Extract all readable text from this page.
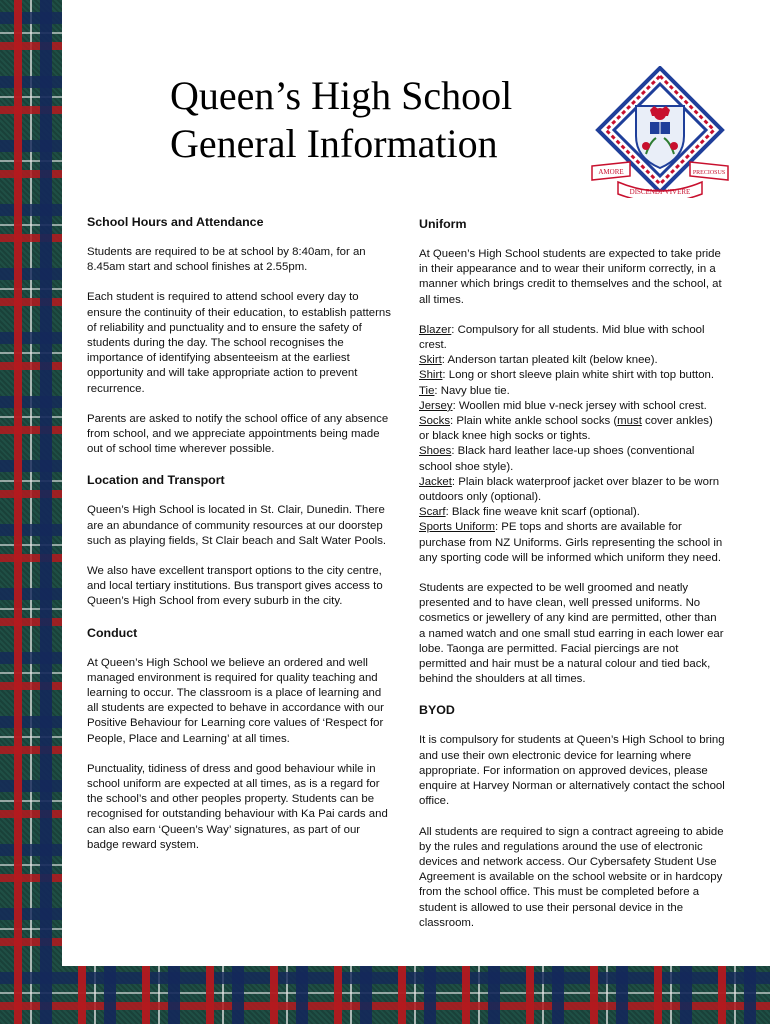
Queen’s High School
General Information
AMORE	PRECIOSUS
DISCENDI·VIVERE
School Hours and Attendance

Students are required to be at school by 8:40am, for an 8.45am start and school finishes at 2.55pm.

Each student is required to attend school every day to ensure the continuity of their education, to establish patterns of reliability and punctuality and to ensure the safety of students during the day. The school recognises the importance of identifying absenteeism at the earliest opportunity and will take appropriate action to prevent recurrence.

Parents are asked to notify the school office of any absence from school, and we appreciate appointments being made out of school time wherever possible.

Location and Transport

Queen’s High School is located in St. Clair, Dunedin. There are an abundance of community resources at our doorstep such as playing fields, St Clair beach and Salt Water Pools.

We also have excellent transport options to the city centre, and local tertiary institutions. Bus transport gives access to Queen’s High School from every suburb in the city.

Conduct

At Queen’s High School we believe an ordered and well managed environment is required for quality teaching and learning to occur. The classroom is a place of learning and all students are expected to behave in accordance with our Positive Behaviour for Learning core values of ‘Respect for People, Place and Learning’ at all times.

Punctuality, tidiness of dress and good behaviour while in school uniform are expected at all times, as is a regard for the school’s and other peoples property. Students can be recognised for outstanding behaviour with Ka Pai cards and can also earn ‘Queen’s Way’ signatures, as part of our badge reward system.

Uniform

At Queen’s High School students are expected to take pride in their appearance and to wear their uniform correctly, in a manner which brings credit to themselves and the school, at all times.

Blazer: Compulsory for all students. Mid blue with school crest.
Skirt: Anderson tartan pleated kilt (below knee).
Shirt: Long or short sleeve plain white shirt with top button.
Tie: Navy blue tie.
Jersey: Woollen mid blue v-neck jersey with school crest.
Socks: Plain white ankle school socks (must cover ankles) or black knee high socks or tights.
Shoes: Black hard leather lace-up shoes (conventional school shoe style).
Jacket: Plain black waterproof jacket over blazer to be worn outdoors only (optional).
Scarf: Black fine weave knit scarf (optional).
Sports Uniform: PE tops and shorts are available for purchase from NZ Uniforms. Girls representing the school in any sporting code will be informed which uniform they need.

Students are expected to be well groomed and neatly presented and to have clean, well pressed uniforms. No cosmetics or jewellery of any kind are permitted, other than a named watch and one small stud earring in each lower ear lobe. Taonga are permitted. Facial piercings are not permitted and hair must be a natural colour and tied back, behind the shoulders at all times.

BYOD

It is compulsory for students at Queen’s High School to bring and use their own electronic device for learning where appropriate. For information on approved devices, please enquire at Harvey Norman or alternatively contact the school office.

All students are required to sign a contract agreeing to abide by the rules and regulations around the use of electronic devices and network access. Our Cybersafety Student Use Agreement is available on the school website or in hardcopy from the school office. This must be completed before a student is allowed to use their personal device in the classroom.
